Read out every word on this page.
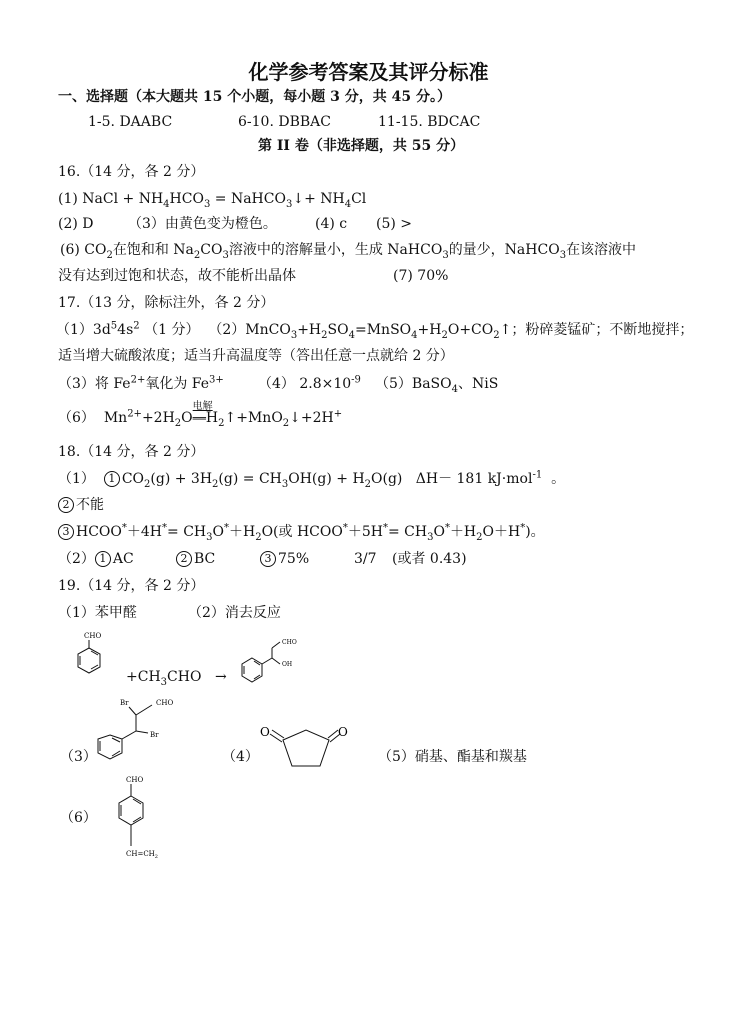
化学参考答案及其评分标准
一、选择题（本大题共 15 个小题，每小题 3 分，共 45 分。）
1-5. DAABC	6-10. DBBAC	11-15. BDCAC
第 II 卷（非选择题，共 55 分）
16.（14 分，各 2 分）
(1) NaCl + $NH_4HCO_3$ = NaHCO$_3$↓+ $NH_4Cl$
(2) D （3）由黄色变为橙色。	(4) c (5) >
(6) $CO_2$在饱和和 $Na_2CO_3$溶液中的溶解量小，生成 NaHCO$_3$的量少，NaHCO$_3$在该溶液中
没有达到过饱和状态，故不能析出晶体	(7) 70%
17.（13 分，除标注外，各 2 分）
$(1)3d^54s^2$ （1 分） $(2)MnCO_3+H_2SO_4=MnSO_4+H_2O+CO_2↑$；粉碎菱锰矿；不断地搅拌；
适当增大硫酸浓度；适当升高温度等（答出任意一点就给 2 分）
（3）将 $Fe^{2+}$氧化为 $Fe^{3+}$ （4） $2.8\times 10^{-9}$ （5）BaSO$_4$、NiS
（6）  $Mn^{2+}+2H_2O$
电解
$══H_2↑+MnO_2↓+2H^+$
18.（14 分，各 2 分）
（1） 1 $CO_2(g) + 3H_2(g) = CH_3OH(g) + H_2O(g)$   ΔH－ 181 kJ·mol$^{-1}$  。
2 不能
3 HCOO*＋4H*= $CH_3O^*+H_2O$(或 HCOO*＋5H*= $CH_3O^*+H_2O+H^*$)。
（2） 1 AC	2 BC	3 75%	3/7 (或者 0.43)
19.（14 分，各 2 分）
（1）苯甲醛	（2）消去反应
CHO
$+CH_3CHO$ →
OH
CHO
（3）
Br	CHO
Br
（4）
O	O
（5）硝基、酯基和羰基
（6）
CHO
$CH=CH_2$
